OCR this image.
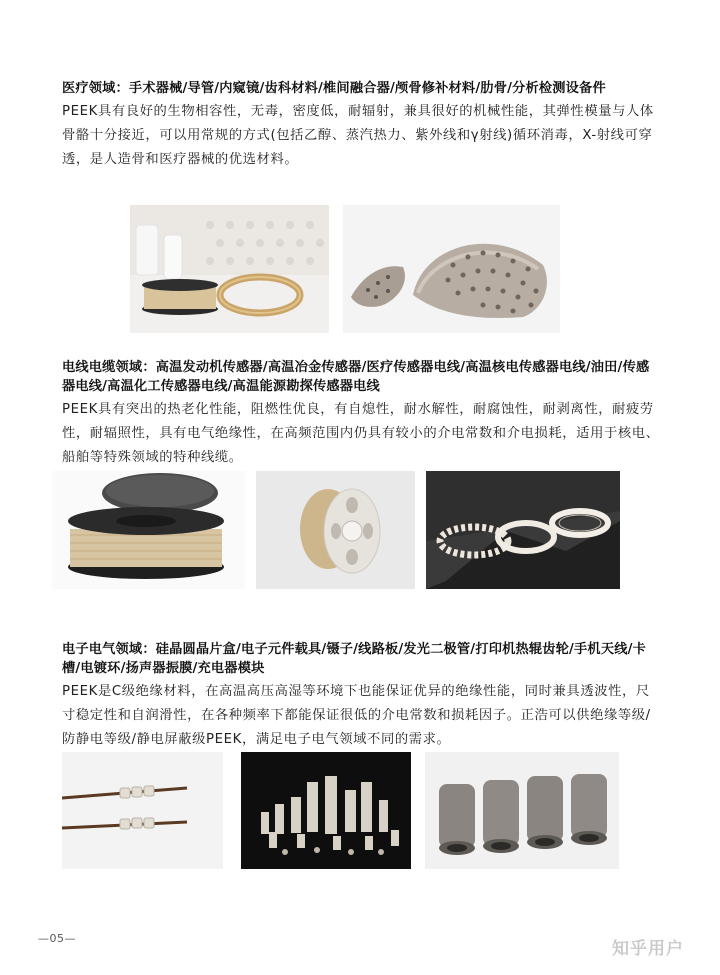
医疗领域：手术器械/导管/内窥镜/齿科材料/椎间融合器/颅骨修补材料/肋骨/分析检测设备件
PEEK具有良好的生物相容性，无毒，密度低，耐辐射，兼具很好的机械性能，其弹性模量与人体骨骼十分接近，可以用常规的方式(包括乙醇、蒸汽热力、紫外线和γ射线)循环消毒，X-射线可穿透，是人造骨和医疗器械的优选材料。
电线电缆领域：高温发动机传感器/高温冶金传感器/医疗传感器电线/高温核电传感器电线/油田/传感器电线/高温化工传感器电线/高温能源勘探传感器电线
PEEK具有突出的热老化性能，阻燃性优良，有自熄性，耐水解性，耐腐蚀性，耐剥离性，耐疲劳性，耐辐照性，具有电气绝缘性，在高频范围内仍具有较小的介电常数和介电损耗，适用于核电、船舶等特殊领域的特种线缆。
电子电气领域：硅晶圆晶片盒/电子元件载具/镊子/线路板/发光二极管/打印机热辊齿轮/手机天线/卡槽/电镀环/扬声器振膜/充电器模块
PEEK是C级绝缘材料，在高温高压高湿等环境下也能保证优异的绝缘性能，同时兼具透波性，尺寸稳定性和自润滑性，在各种频率下都能保证很低的介电常数和损耗因子。正浩可以供绝缘等级/防静电等级/静电屏蔽级PEEK，满足电子电气领域不同的需求。
—05—
知乎用户
